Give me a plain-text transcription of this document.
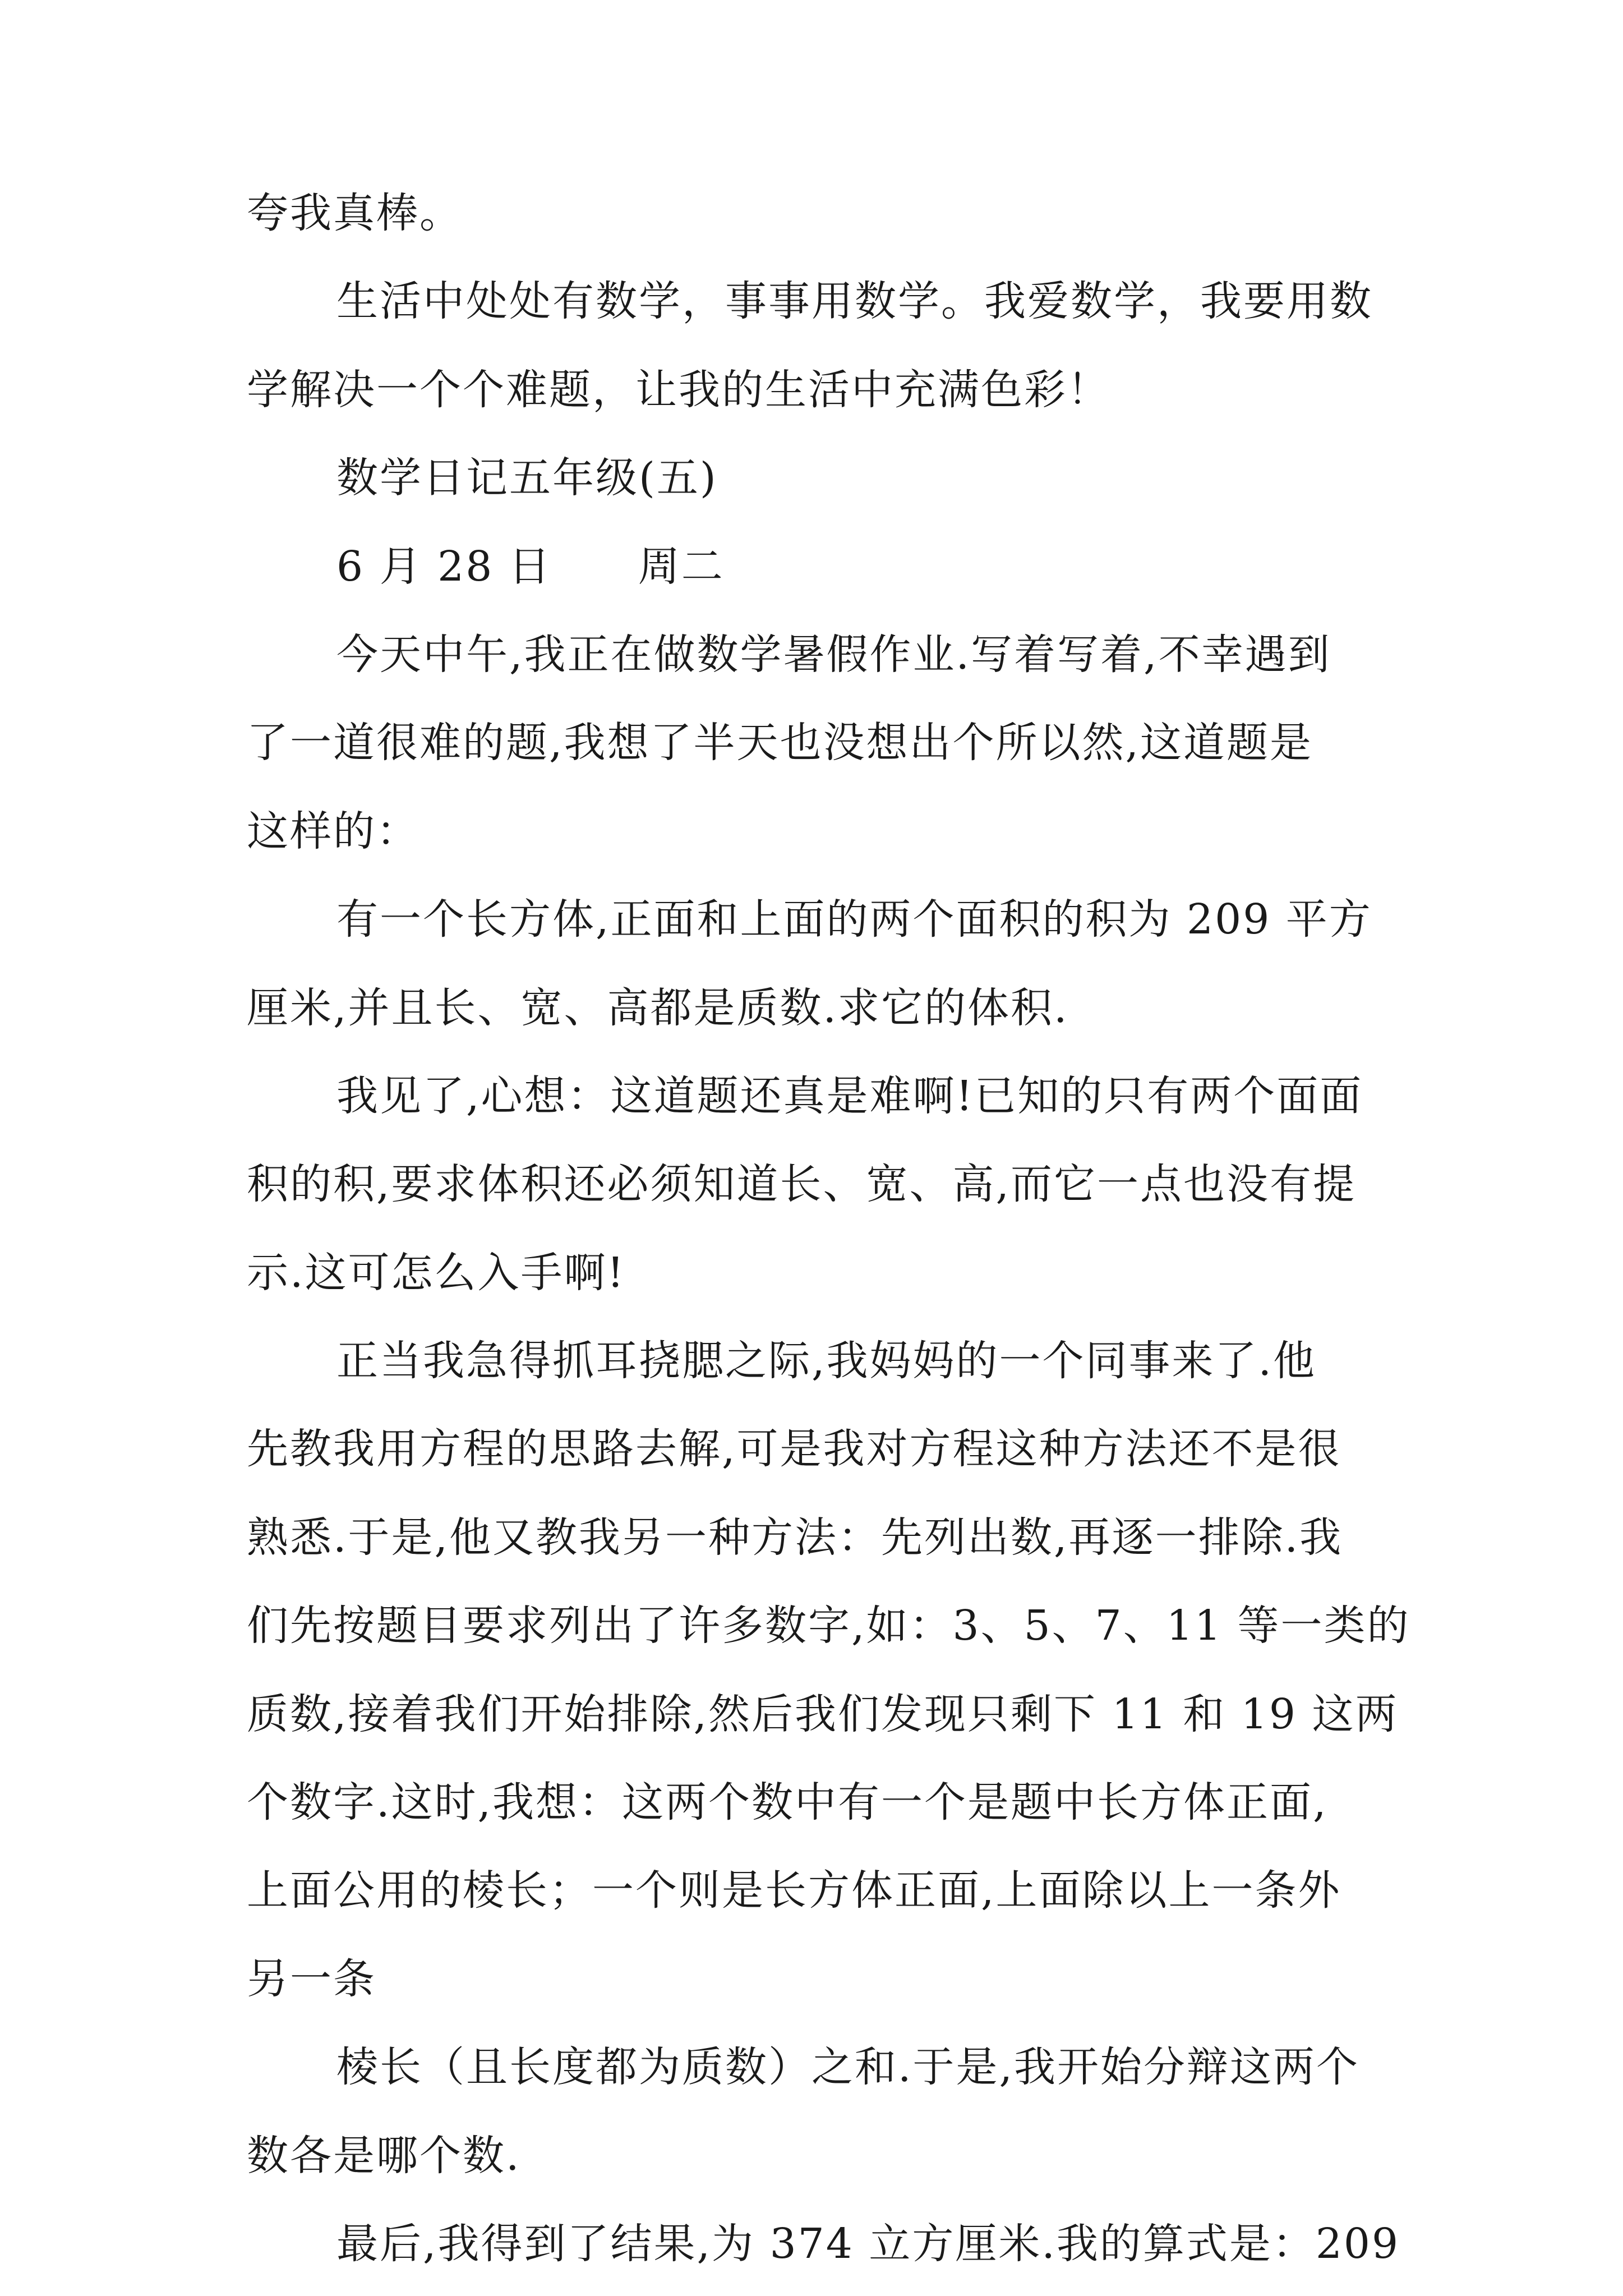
夸我真棒。
生活中处处有数学，事事用数学。我爱数学，我要用数
学解决一个个难题，让我的生活中充满色彩！
数学日记五年级(五)
6 月 28 日　　周二
今天中午,我正在做数学暑假作业.写着写着,不幸遇到
了一道很难的题,我想了半天也没想出个所以然,这道题是
这样的：
有一个长方体,正面和上面的两个面积的积为 209 平方
厘米,并且长、宽、高都是质数.求它的体积.
我见了,心想：这道题还真是难啊!已知的只有两个面面
积的积,要求体积还必须知道长、宽、高,而它一点也没有提
示.这可怎么入手啊!
正当我急得抓耳挠腮之际,我妈妈的一个同事来了.他
先教我用方程的思路去解,可是我对方程这种方法还不是很
熟悉.于是,他又教我另一种方法：先列出数,再逐一排除.我
们先按题目要求列出了许多数字,如：3、5、7、11 等一类的
质数,接着我们开始排除,然后我们发现只剩下 11 和 19 这两
个数字.这时,我想：这两个数中有一个是题中长方体正面,
上面公用的棱长；一个则是长方体正面,上面除以上一条外
另一条
棱长（且长度都为质数）之和.于是,我开始分辩这两个
数各是哪个数.
最后,我得到了结果,为 374 立方厘米.我的算式是：209
